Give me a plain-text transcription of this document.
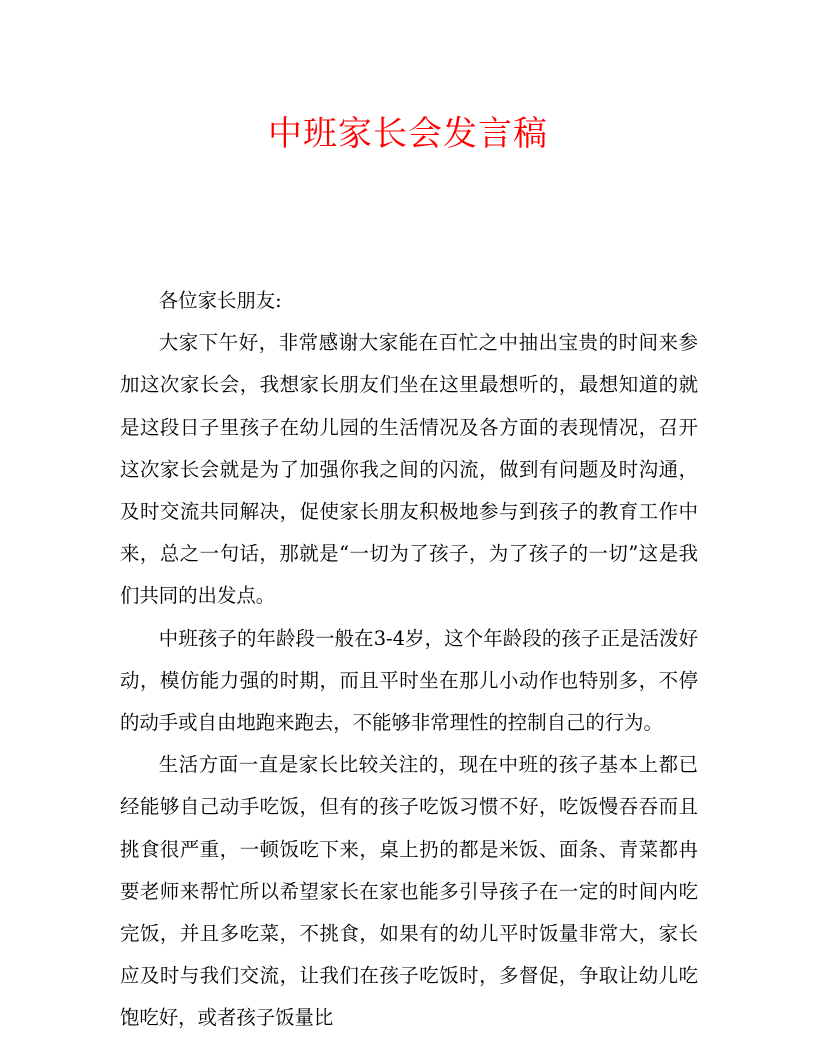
中班家长会发言稿

各位家长朋友:

大家下午好，非常感谢大家能在百忙之中抽出宝贵的时间来参加这次家长会，我想家长朋友们坐在这里最想听的，最想知道的就是这段日子里孩子在幼儿园的生活情况及各方面的表现情况，召开这次家长会就是为了加强你我之间的闪流，做到有问题及时沟通，及时交流共同解决，促使家长朋友积极地参与到孩子的教育工作中来，总之一句话，那就是“一切为了孩子，为了孩子的一切”这是我们共同的出发点。

中班孩子的年龄段一般在3-4岁，这个年龄段的孩子正是活泼好动，模仿能力强的时期，而且平时坐在那儿小动作也特别多，不停的动手或自由地跑来跑去，不能够非常理性的控制自己的行为。

生活方面一直是家长比较关注的，现在中班的孩子基本上都已经能够自己动手吃饭，但有的孩子吃饭习惯不好，吃饭慢吞吞而且挑食很严重，一顿饭吃下来，桌上扔的都是米饭、面条、青菜都冉要老师来帮忙所以希望家长在家也能多引导孩子在一定的时间内吃完饭，并且多吃菜，不挑食，如果有的幼儿平时饭量非常大，家长应及时与我们交流，让我们在孩子吃饭时，多督促，争取让幼儿吃饱吃好，或者孩子饭量比
